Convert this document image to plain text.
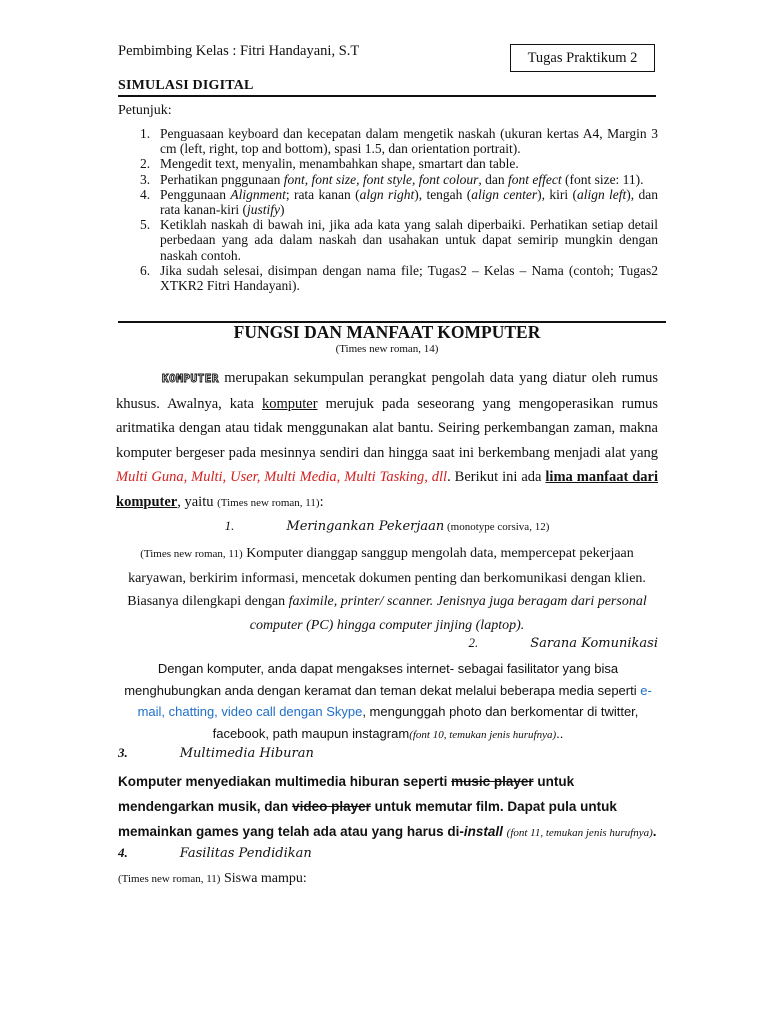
Pembimbing Kelas : Fitri Handayani, S.T	Tugas Praktikum 2
SIMULASI DIGITAL
Petunjuk:
1. Penguasaan keyboard dan kecepatan dalam mengetik naskah (ukuran kertas A4, Margin 3 cm (left, right, top and bottom), spasi 1.5, dan orientation portrait).
2. Mengedit text, menyalin, menambahkan shape, smartart dan table.
3. Perhatikan pnggunaan font, font size, font style, font colour, dan font effect (font size: 11).
4. Penggunaan Alignment; rata kanan (algn right), tengah (align center), kiri (align left), dan rata kanan-kiri (justify)
5. Ketiklah naskah di bawah ini, jika ada kata yang salah diperbaiki. Perhatikan setiap detail perbedaan yang ada dalam naskah dan usahakan untuk dapat semirip mungkin dengan naskah contoh.
6. Jika sudah selesai, disimpan dengan nama file; Tugas2 – Kelas – Nama (contoh; Tugas2 XTKR2 Fitri Handayani).
FUNGSI DAN MANFAAT KOMPUTER
(Times new roman, 14)
KOMPUTER merupakan sekumpulan perangkat pengolah data yang diatur oleh rumus khusus. Awalnya, kata komputer merujuk pada seseorang yang mengoperasikan rumus aritmatika dengan atau tidak menggunakan alat bantu. Seiring perkembangan zaman, makna komputer bergeser pada mesinnya sendiri dan hingga saat ini berkembang menjadi alat yang Multi Guna, Multi, User, Multi Media, Multi Tasking, dll. Berikut ini ada lima manfaat dari komputer, yaitu (Times new roman, 11):
1.	Meringankan Pekerjaan (monotype corsiva, 12)
(Times new roman, 11) Komputer dianggap sanggup mengolah data, mempercepat pekerjaan karyawan, berkirim informasi, mencetak dokumen penting dan berkomunikasi dengan klien. Biasanya dilengkapi dengan faximile, printer/ scanner. Jenisnya juga beragam dari personal computer (PC) hingga computer jinjing (laptop).
2.	Sarana Komunikasi
Dengan komputer, anda dapat mengakses internet- sebagai fasilitator yang bisa menghubungkan anda dengan keramat dan teman dekat melalui beberapa media seperti e-mail, chatting, video call dengan Skype, mengunggah photo dan berkomentar di twitter, facebook, path maupun instagram(font 10, temukan jenis hurufnya)..
3.	Multimedia Hiburan
Komputer menyediakan multimedia hiburan seperti music player untuk mendengarkan musik, dan video player untuk memutar film. Dapat pula untuk memainkan games yang telah ada atau yang harus di-install (font 11, temukan jenis hurufnya).
4.	Fasilitas Pendidikan
(Times new roman, 11) Siswa mampu:
